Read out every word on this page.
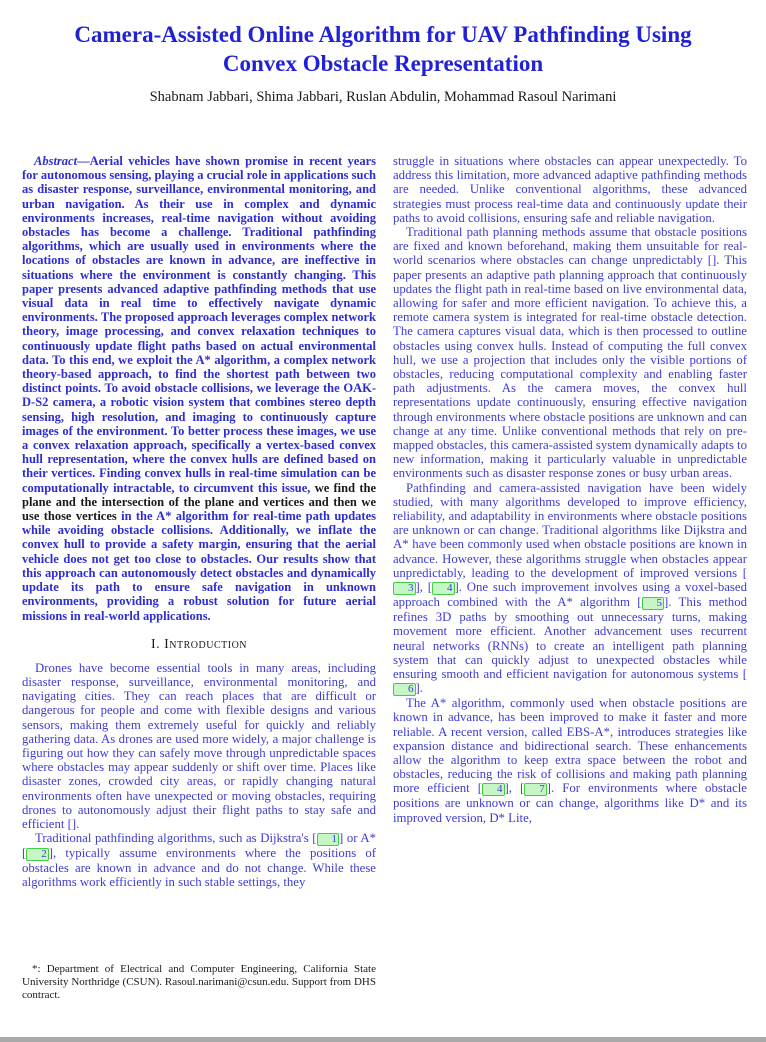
Camera-Assisted Online Algorithm for UAV Pathfinding Using
Convex Obstacle Representation
Shabnam Jabbari, Shima Jabbari, Ruslan Abdulin, Mohammad Rasoul Narimani

Abstract—Aerial vehicles have shown promise in recent years for autonomous sensing, playing a crucial role in applications such as disaster response, surveillance, environmental monitoring, and urban navigation. As their use in complex and dynamic environments increases, real-time navigation without avoiding obstacles has become a challenge. Traditional pathfinding algorithms, which are usually used in environments where the locations of obstacles are known in advance, are ineffective in situations where the environment is constantly changing. This paper presents advanced adaptive pathfinding methods that use visual data in real time to effectively navigate dynamic environments. The proposed approach leverages complex network theory, image processing, and convex relaxation techniques to continuously update flight paths based on actual environmental data. To this end, we exploit the A* algorithm, a complex network theory-based approach, to find the shortest path between two distinct points. To avoid obstacle collisions, we leverage the OAK-D-S2 camera, a robotic vision system that combines stereo depth sensing, high resolution, and imaging to continuously capture images of the environment. To better process these images, we use a convex relaxation approach, specifically a vertex-based convex hull representation, where the convex hulls are defined based on their vertices. Finding convex hulls in real-time simulation can be computationally intractable, to circumvent this issue, we find the plane and the intersection of the plane and vertices and then we use those vertices in the A* algorithm for real-time path updates while avoiding obstacle collisions. Additionally, we inflate the convex hull to provide a safety margin, ensuring that the aerial vehicle does not get too close to obstacles. Our results show that this approach can autonomously detect obstacles and dynamically update its path to ensure safe navigation in unknown environments, providing a robust solution for future aerial missions in real-world applications.

I. Introduction

Drones have become essential tools in many areas, including disaster response, surveillance, environmental monitoring, and navigating cities. They can reach places that are difficult or dangerous for people and come with flexible designs and various sensors, making them extremely useful for quickly and reliably gathering data. As drones are used more widely, a major challenge is figuring out how they can safely move through unpredictable spaces where obstacles may appear suddenly or shift over time. Places like disaster zones, crowded city areas, or rapidly changing natural environments often have unexpected or moving obstacles, requiring drones to autonomously adjust their flight paths to stay safe and efficient [].

Traditional pathfinding algorithms, such as Dijkstra's [ 1 ] or A* [ 2 ], typically assume environments where the positions of obstacles are known in advance and do not change. While these algorithms work efficiently in such stable settings, they

*: Department of Electrical and Computer Engineering, California State University Northridge (CSUN). Rasoul.narimani@csun.edu. Support from DHS contract.

struggle in situations where obstacles can appear unexpectedly. To address this limitation, more advanced adaptive pathfinding methods are needed. Unlike conventional algorithms, these advanced strategies must process real-time data and continuously update their paths to avoid collisions, ensuring safe and reliable navigation.

Traditional path planning methods assume that obstacle positions are fixed and known beforehand, making them unsuitable for real-world scenarios where obstacles can change unpredictably []. This paper presents an adaptive path planning approach that continuously updates the flight path in real-time based on live environmental data, allowing for safer and more efficient navigation. To achieve this, a remote camera system is integrated for real-time obstacle detection. The camera captures visual data, which is then processed to outline obstacles using convex hulls. Instead of computing the full convex hull, we use a projection that includes only the visible portions of obstacles, reducing computational complexity and enabling faster path adjustments. As the camera moves, the convex hull representations update continuously, ensuring effective navigation through environments where obstacle positions are unknown and can change at any time. Unlike conventional methods that rely on pre-mapped obstacles, this camera-assisted system dynamically adapts to new information, making it particularly valuable in unpredictable environments such as disaster response zones or busy urban areas.

Pathfinding and camera-assisted navigation have been widely studied, with many algorithms developed to improve efficiency, reliability, and adaptability in environments where obstacle positions are unknown or can change. Traditional algorithms like Dijkstra and A* have been commonly used when obstacle positions are known in advance. However, these algorithms struggle when obstacles appear unpredictably, leading to the development of improved versions [3 ], [ 4 ]. One such improvement involves using a voxel-based approach combined with the A* algorithm [ 5 ]. This method refines 3D paths by smoothing out unnecessary turns, making movement more efficient. Another advancement uses recurrent neural networks (RNNs) to create an intelligent path planning system that can quickly adjust to unexpected obstacles while ensuring smooth and efficient navigation for autonomous systems [6 ].

The A* algorithm, commonly used when obstacle positions are known in advance, has been improved to make it faster and more reliable. A recent version, called EBS-A*, introduces strategies like expansion distance and bidirectional search. These enhancements allow the algorithm to keep extra space between the robot and obstacles, reducing the risk of collisions and making path planning more efficient [ 4 ], [ 7 ]. For environments where obstacle positions are unknown or can change, algorithms like D* and its improved version, D* Lite,
